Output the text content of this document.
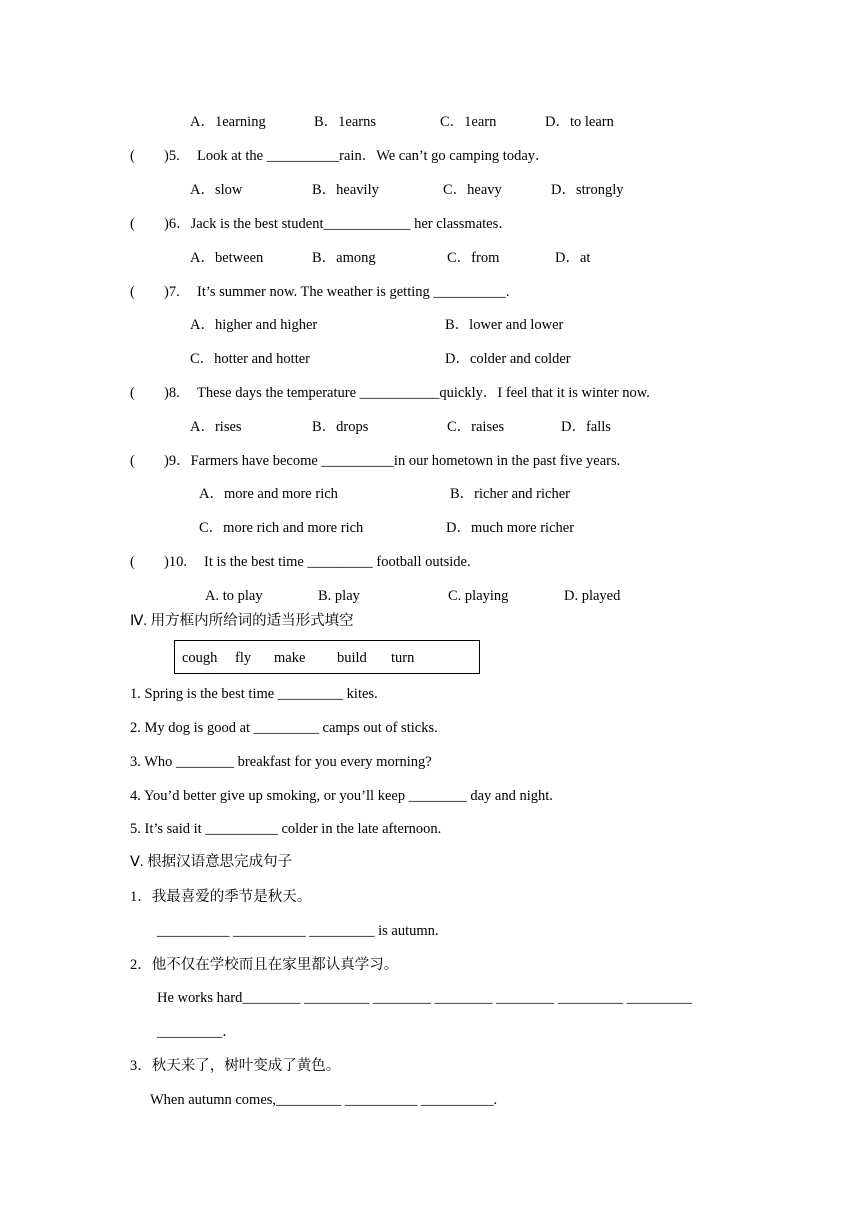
A．1earning	B．1earns	C．1earn	D．to learn
( )5. Look at the __________rain．We can’t go camping today．
A．slow	B．heavily	C．heavy	D．strongly
( )6．Jack is the best student____________ her classmates．
A．between	B．among	C．from	D．at
( )7. It’s summer now. The weather is getting __________.
A．higher and higher	B．lower and lower
C．hotter and hotter	D．colder and colder
( )8. These days the temperature ___________quickly．I feel that it is winter now.
A．rises	B．drops	C．raises	D．falls
( )9．Farmers have become __________in our hometown in the past five years.
A．more and more rich	B．richer and richer
C．more rich and more rich	D．much more richer
( )10. It is the best time _________ football outside.
A. to play	B. play	C. playing	D. played
Ⅳ. 用方框内所给词的适当形式填空
cough fly make build turn
1. Spring is the best time _________ kites.
2. My dog is good at _________ camps out of sticks.
3. Who ________ breakfast for you every morning?
4. You’d better give up smoking, or you’ll keep ________ day and night.
5. It’s said it __________ colder in the late afternoon.
Ⅴ. 根据汉语意思完成句子
1．我最喜爱的季节是秋天。
__________ __________ _________ is autumn.
2．他不仅在学校而且在家里都认真学习。
He works hard________ _________ ________ ________ ________ _________ _________
_________．
3．秋天来了，树叶变成了黄色。
When autumn comes,_________ __________ __________.
